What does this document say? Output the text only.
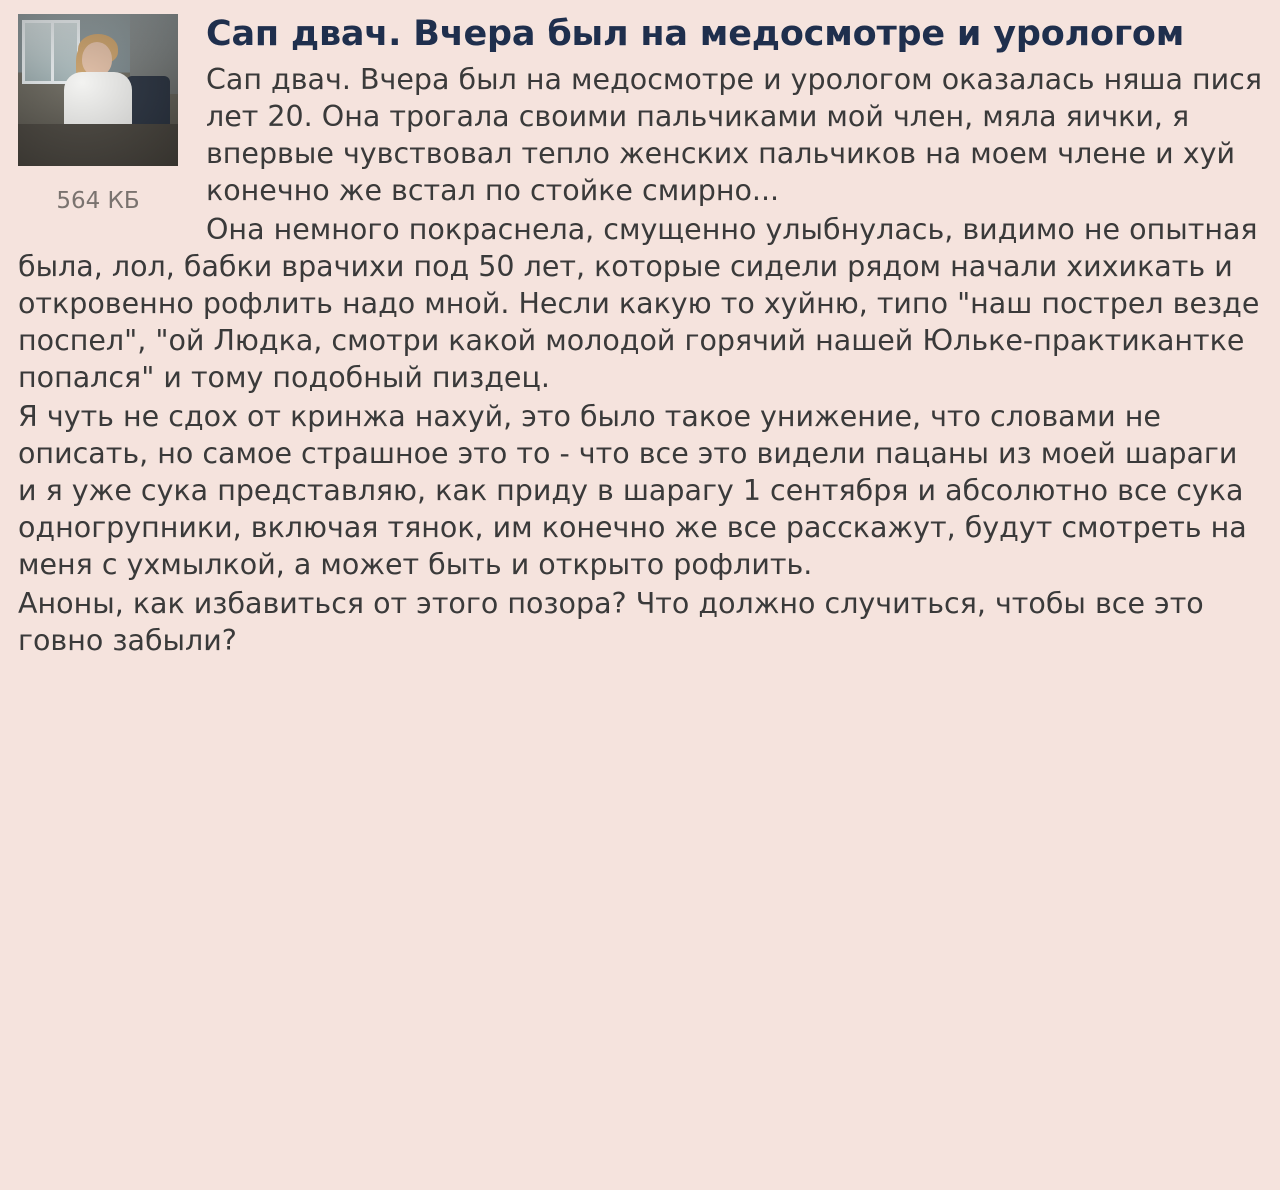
564 КБ
Сап двач. Вчера был на медосмотре и урологом

Сап двач. Вчера был на медосмотре и урологом оказалась няша пися лет 20. Она трогала своими пальчиками мой член, мяла яички, я впервые чувствовал тепло женских пальчиков на моем члене и хуй конечно же встал по стойке смирно...

Она немного покраснела, смущенно улыбнулась, видимо не опытная была, лол, бабки врачихи под 50 лет, которые сидели рядом начали хихикать и откровенно рофлить надо мной. Несли какую то хуйню, типо "наш пострел везде поспел", "ой Людка, смотри какой молодой горячий нашей Юльке-практикантке попался" и тому подобный пиздец.

Я чуть не сдох от кринжа нахуй, это было такое унижение, что словами не описать, но самое страшное это то - что все это видели пацаны из моей шараги и я уже сука представляю, как приду в шарагу 1 сентября и абсолютно все сука одногрупники, включая тянок, им конечно же все расскажут, будут смотреть на меня с ухмылкой, а может быть и открыто рофлить.

Аноны, как избавиться от этого позора? Что должно случиться, чтобы все это говно забыли?
